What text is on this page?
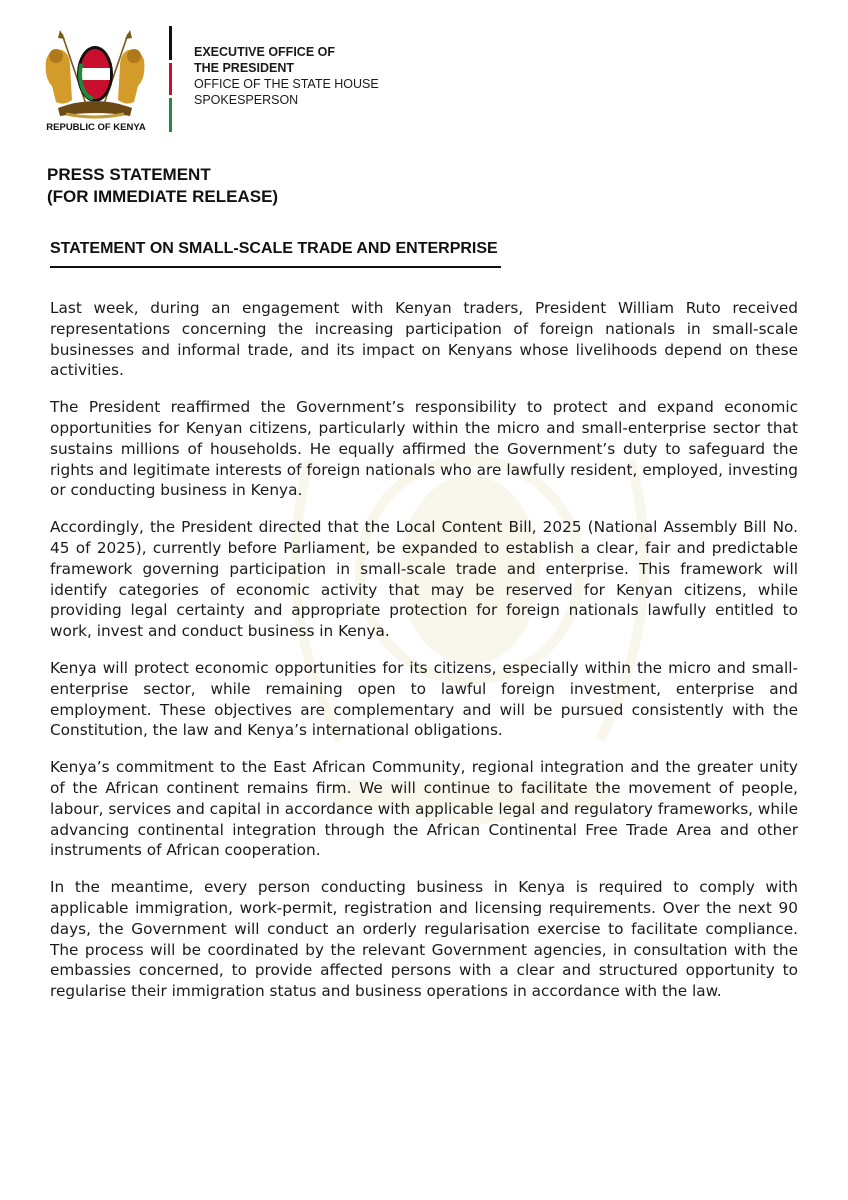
REPUBLIC OF KENYA
EXECUTIVE OFFICE OF
THE PRESIDENT
OFFICE OF THE STATE HOUSE
SPOKESPERSON
PRESS STATEMENT
(FOR IMMEDIATE RELEASE)
STATEMENT ON SMALL-SCALE TRADE AND ENTERPRISE

Last week, during an engagement with Kenyan traders, President William Ruto received representations concerning the increasing participation of foreign nationals in small-scale businesses and informal trade, and its impact on Kenyans whose livelihoods depend on these activities.

The President reaffirmed the Government’s responsibility to protect and expand economic opportunities for Kenyan citizens, particularly within the micro and small-enterprise sector that sustains millions of households. He equally affirmed the Government’s duty to safeguard the rights and legitimate interests of foreign nationals who are lawfully resident, employed, investing or conducting business in Kenya.

Accordingly, the President directed that the Local Content Bill, 2025 (National Assembly Bill No. 45 of 2025), currently before Parliament, be expanded to establish a clear, fair and predictable framework governing participation in small-scale trade and enterprise. This framework will identify categories of economic activity that may be reserved for Kenyan citizens, while providing legal certainty and appropriate protection for foreign nationals lawfully entitled to work, invest and conduct business in Kenya.

Kenya will protect economic opportunities for its citizens, especially within the micro and small-enterprise sector, while remaining open to lawful foreign investment, enterprise and employment. These objectives are complementary and will be pursued consistently with the Constitution, the law and Kenya’s international obligations.

Kenya’s commitment to the East African Community, regional integration and the greater unity of the African continent remains firm. We will continue to facilitate the movement of people, labour, services and capital in accordance with applicable legal and regulatory frameworks, while advancing continental integration through the African Continental Free Trade Area and other instruments of African cooperation.

In the meantime, every person conducting business in Kenya is required to comply with applicable immigration, work-permit, registration and licensing requirements. Over the next 90 days, the Government will conduct an orderly regularisation exercise to facilitate compliance. The process will be coordinated by the relevant Government agencies, in consultation with the embassies concerned, to provide affected persons with a clear and structured opportunity to regularise their immigration status and business operations in accordance with the law.
